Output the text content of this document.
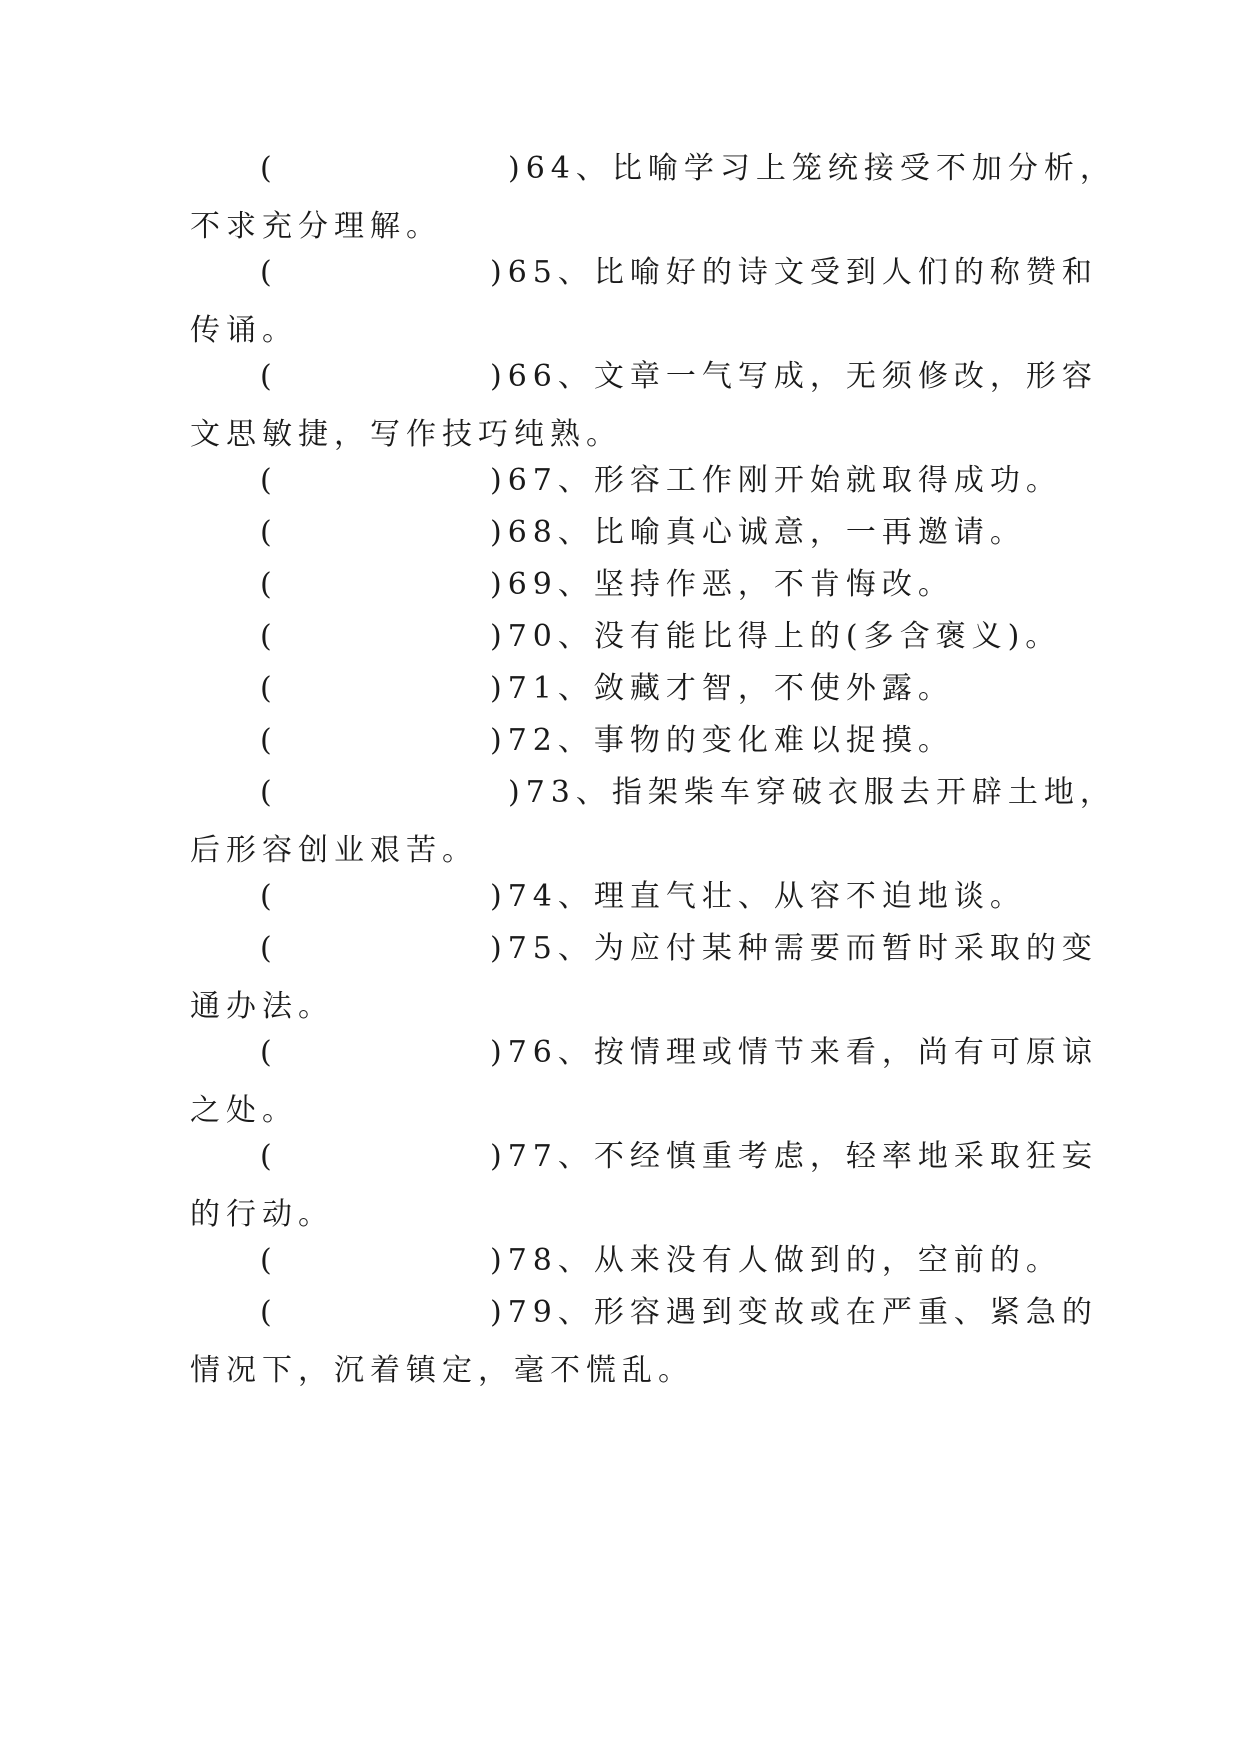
(	)64、比喻学习上笼统接受不加分析，
不求充分理解。
(	)65、比喻好的诗文受到人们的称赞和
传诵。
(	)66、文章一气写成，无须修改，形容
文思敏捷，写作技巧纯熟。
(	)67、形容工作刚开始就取得成功。
(	)68、比喻真心诚意，一再邀请。
(	)69、坚持作恶，不肯悔改。
(	)70、没有能比得上的(多含褒义)。
(	)71、敛藏才智，不使外露。
(	)72、事物的变化难以捉摸。
(	)73、指架柴车穿破衣服去开辟土地，
后形容创业艰苦。
(	)74、理直气壮、从容不迫地谈。
(	)75、为应付某种需要而暂时采取的变
通办法。
(	)76、按情理或情节来看，尚有可原谅
之处。
(	)77、不经慎重考虑，轻率地采取狂妄
的行动。
(	)78、从来没有人做到的，空前的。
(	)79、形容遇到变故或在严重、紧急的
情况下，沉着镇定，毫不慌乱。
